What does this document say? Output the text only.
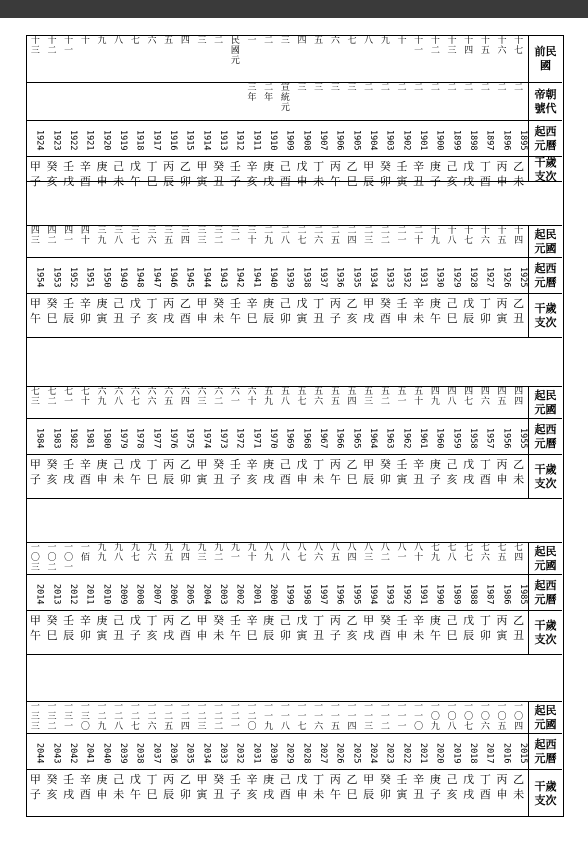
十
三
十
二
十
一
十 九 八 七 六 五 四 三 二 民
國
元
一 二 三 四 五 六 七 八 九 十 十
一
十
二
十
三
十
四
十
五
十
六
十
七 前民
國
三
年
二
年
宣
統
元
三 三 三 三 二 二 二 二 二 二 二 二 二 二 帝朝
號代
1924 1923 1922 1921 1920 1919 1918 1917 1916 1915 1914 1913 1912 1911 1910 1909 1908 1907 1906 1905 1904 1903 1902 1901 1900 1899 1898 1897 1896 1895 起西
元曆
甲
子
癸
亥
壬
戌
辛
酉
庚
申
己
未
戊
午
丁
巳
丙
辰
乙
卯
甲
寅
癸
丑
壬
子
辛
亥
庚
戌
己
酉
戊
申
丁
未
丙
午
乙
巳
甲
辰
癸
卯
壬
寅
辛
丑
庚
子
己
亥
戊
戌
丁
酉
丙
申
乙
未
干歲
支次
四
三
四
二
四
一
四
十
三
九
三
八
三
七
三
六
三
五
三
四
三
三
三
二
三
一
三
十
二
九
二
八
二
七
二
六
二
五
二
四
二
三
二
二
二
一
二
十
十
九
十
八
十
七
十
六
十
五
十
四
起民
元國
1954 1953 1952 1951 1950 1949 1948 1947 1946 1945 1944 1943 1942 1941 1940 1939 1938 1937 1936 1935 1934 1933 1932 1931 1930 1929 1928 1927 1926 1925 起西
元曆
甲
午
癸
巳
壬
辰
辛
卯
庚
寅
己
丑
戊
子
丁
亥
丙
戌
乙
酉
甲
申
癸
未
壬
午
辛
巳
庚
辰
己
卯
戊
寅
丁
丑
丙
子
乙
亥
甲
戌
癸
酉
壬
申
辛
未
庚
午
己
巳
戊
辰
丁
卯
丙
寅
乙
丑
干歲
支次
七
三
七
二
七
一
七
十
六
九
六
八
六
七
六
六
六
五
六
四
六
三
六
二
六
一
六
十
五
九
五
八
五
七
五
六
五
五
五
四
五
三
五
二
五
一
五
十
四
九
四
八
四
七
四
六
四
五
四
四
起民
元國
1984 1983 1982 1981 1980 1979 1978 1977 1976 1975 1974 1973 1972 1971 1970 1969 1968 1967 1966 1965 1964 1963 1962 1961 1960 1959 1958 1957 1956 1955 起西
元曆
甲
子
癸
亥
壬
戌
辛
酉
庚
申
己
未
戊
午
丁
巳
丙
辰
乙
卯
甲
寅
癸
丑
壬
子
辛
亥
庚
戌
己
酉
戊
申
丁
未
丙
午
乙
巳
甲
辰
癸
卯
壬
寅
辛
丑
庚
子
己
亥
戊
戌
丁
酉
丙
申
乙
未
干歲
支次
一
〇
三
一
〇
二
一
〇
一
一
佰
九
九
九
八
九
七
九
六
九
五
九
四
九
三
九
二
九
一
九
十
八
九
八
八
八
七
八
六
八
五
八
四
八
三
八
二
八
一
八
十
七
九
七
八
七
七
七
六
七
五
七
四
起民
元國
2014 2013 2012 2011 2010 2009 2008 2007 2006 2005 2004 2003 2002 2001 2000 1999 1998 1997 1996 1995 1994 1993 1992 1991 1990 1989 1988 1987 1986 1985 起西
元曆
甲
午
癸
巳
壬
辰
辛
卯
庚
寅
己
丑
戊
子
丁
亥
丙
戌
乙
酉
甲
申
癸
未
壬
午
辛
巳
庚
辰
己
卯
戊
寅
丁
丑
丙
子
乙
亥
甲
戌
癸
酉
壬
申
辛
未
庚
午
己
巳
戊
辰
丁
卯
丙
寅
乙
丑
干歲
支次
一
三
三
一
三
二
一
三
一
一
三
〇
一
二
九
一
二
八
一
二
七
一
二
六
一
二
五
一
二
四
一
二
三
一
二
二
一
二
一
一
二
〇
一
一
九
一
一
八
一
一
七
一
一
六
一
一
五
一
一
四
一
一
三
一
一
二
一
一
一
一
一
〇
一
〇
九
一
〇
八
一
〇
七
一
〇
六
一
〇
五
一
〇
四
起民
元國
2044 2043 2042 2041 2040 2039 2038 2037 2036 2035 2034 2033 2032 2031 2030 2029 2028 2027 2026 2025 2024 2023 2022 2021 2020 2019 2018 2017 2016 2015 起西
元曆
甲
子
癸
亥
壬
戌
辛
酉
庚
申
己
未
戊
午
丁
巳
丙
辰
乙
卯
甲
寅
癸
丑
壬
子
辛
亥
庚
戌
己
酉
戊
申
丁
未
丙
午
乙
巳
甲
辰
癸
卯
壬
寅
辛
丑
庚
子
己
亥
戊
戌
丁
酉
丙
申
乙
未
干歲
支次
